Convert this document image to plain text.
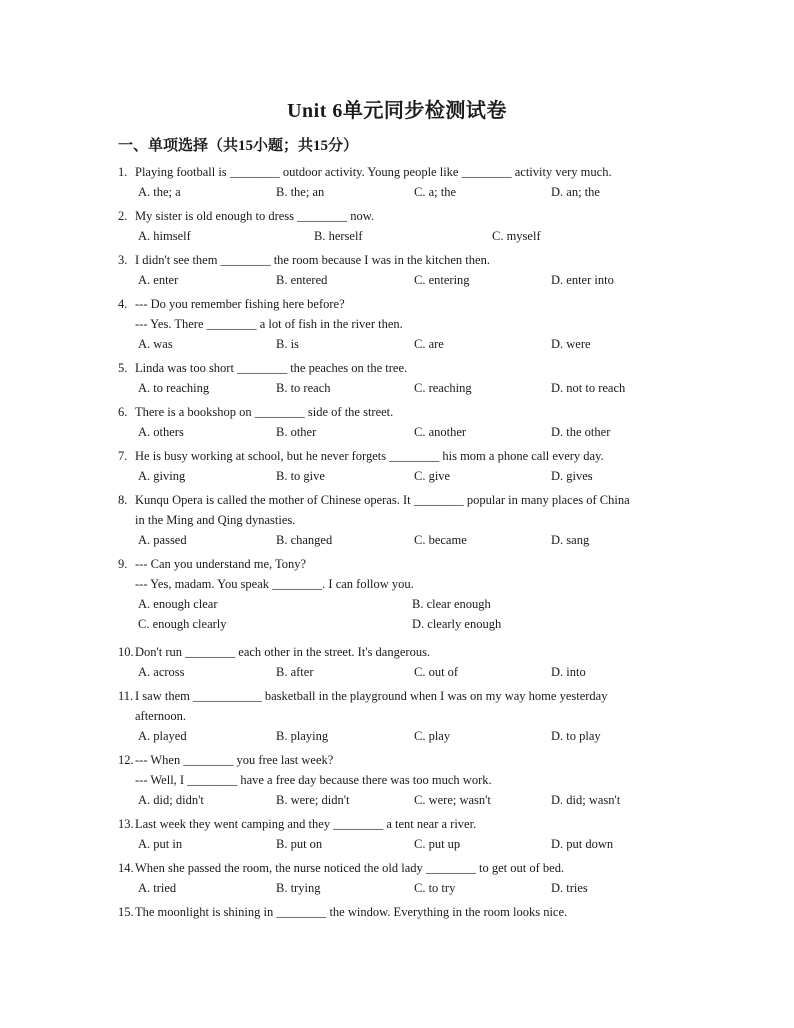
Unit 6单元同步检测试卷
一、单项选择（共15小题；共15分）
1. Playing football is ________ outdoor activity. Young people like ________ activity very much.
A. the; a	B. the; an	C. a; the	D. an; the
2. My sister is old enough to dress ________ now.
A. himself	B. herself	C. myself
3. I didn't see them ________ the room because I was in the kitchen then.
A. enter	B. entered	C. entering	D. enter into
4. --- Do you remember fishing here before?
--- Yes. There ________ a lot of fish in the river then.
A. was	B. is	C. are	D. were
5. Linda was too short ________ the peaches on the tree.
A. to reaching	B. to reach	C. reaching	D. not to reach
6. There is a bookshop on ________ side of the street.
A. others	B. other	C. another	D. the other
7. He is busy working at school, but he never forgets ________ his mom a phone call every day.
A. giving	B. to give	C. give	D. gives
8. Kunqu Opera is called the mother of Chinese operas. It ________ popular in many places of China
in the Ming and Qing dynasties.
A. passed	B. changed	C. became	D. sang
9. --- Can you understand me, Tony?
--- Yes, madam. You speak ________. I can follow you.
A. enough clear	B. clear enough
C. enough clearly	D. clearly enough
10.Don't run ________ each other in the street. It's dangerous.
A. across	B. after	C. out of	D. into
11. I saw them ___________ basketball in the playground when I was on my way home yesterday
afternoon.
A. played	B. playing	C. play	D. to play
12.--- When ________ you free last week?
--- Well, I ________ have a free day because there was too much work.
A. did; didn't	B. were; didn't	C. were; wasn't	D. did; wasn't
13.Last week they went camping and they ________ a tent near a river.
A. put in	B. put on	C. put up	D. put down
14.When she passed the room, the nurse noticed the old lady ________ to get out of bed.
A. tried	B. trying	C. to try	D. tries
15.The moonlight is shining in ________ the window. Everything in the room looks nice.
